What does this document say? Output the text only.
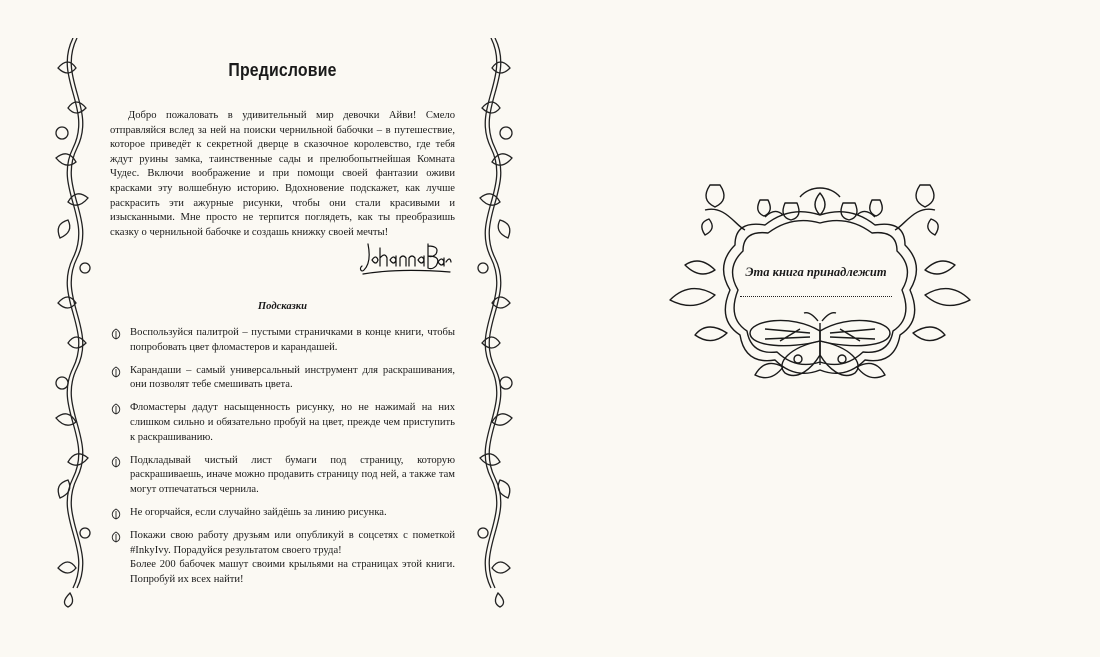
Предисловие

Добро пожаловать в удивительный мир девочки Айви! Смело отправляйся вслед за ней на поиски чернильной бабочки – в путешествие, которое приведёт к секретной дверце в сказочное королевство, где тебя ждут руины замка, таинственные сады и прелюбопытнейшая Комната Чудес. Включи воображение и при помощи своей фантазии оживи красками эту волшебную историю. Вдохновение подскажет, как лучше раскрасить эти ажурные рисунки, чтобы они стали красивыми и изысканными. Мне просто не терпится поглядеть, как ты преобразишь сказку о чернильной бабочке и создашь книжку своей мечты!

Подсказки
Воспользуйся палитрой – пустыми страничками в конце книги, чтобы попробовать цвет фломастеров и карандашей.
Карандаши – самый универсальный инструмент для раскрашивания, они позволят тебе смешивать цвета.
Фломастеры дадут насыщенность рисунку, но не нажимай на них слишком сильно и обязательно пробуй на цвет, прежде чем приступить к раскрашиванию.
Подкладывай чистый лист бумаги под страницу, которую раскрашиваешь, иначе можно продавить страницу под ней, а также там могут отпечататься чернила.
Не огорчайся, если случайно зайдёшь за линию рисунка.
Покажи свою работу друзьям или опубликуй в соцсетях с пометкой #InkyIvy. Порадуйся результатом своего труда!
Более 200 бабочек машут своими крыльями на страницах этой книги. Попробуй их всех найти!
Эта книга принадлежит
